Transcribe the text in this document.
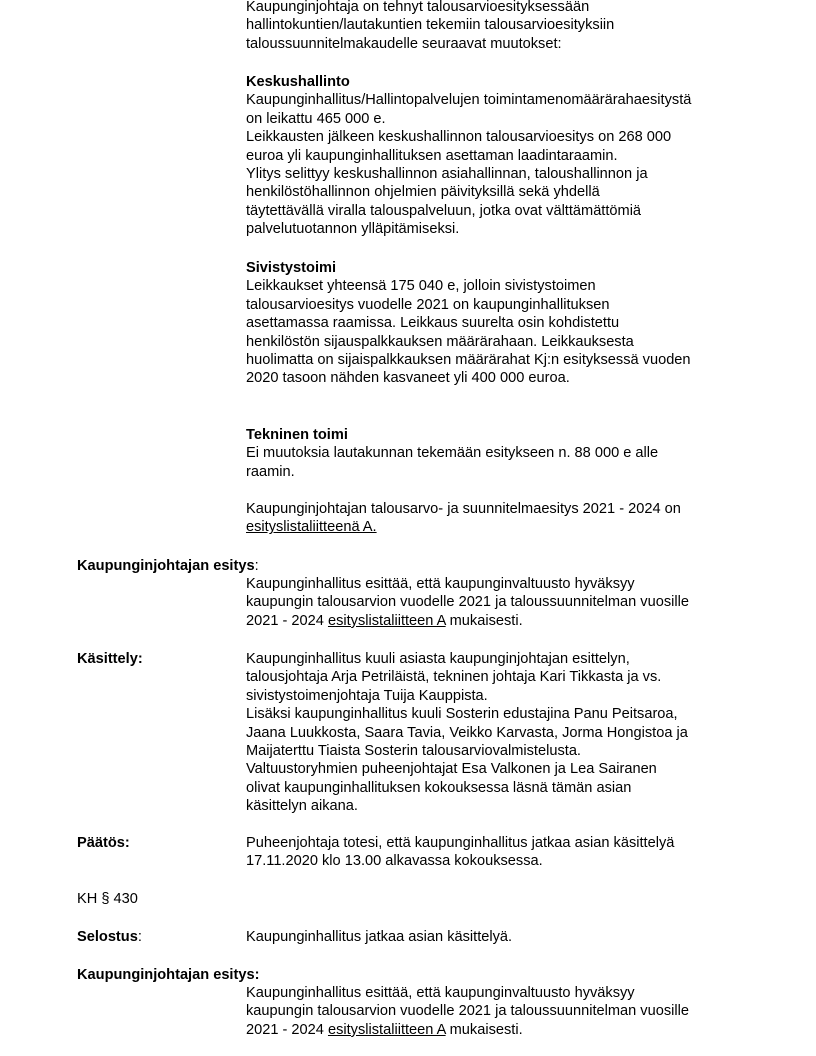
Kaupunginjohtaja on tehnyt talousarvioesityksessään

hallintokuntien/lautakuntien tekemiin talousarvioesityksiin

taloussuunnitelmakaudelle seuraavat muutokset:

Keskushallinto

Kaupunginhallitus/Hallintopalvelujen toimintamenomäärärahaesitystä

on leikattu 465 000 e.

Leikkausten jälkeen keskushallinnon talousarvioesitys on 268 000

euroa yli kaupunginhallituksen asettaman laadintaraamin.

Ylitys selittyy keskushallinnon asiahallinnan, taloushallinnon ja

henkilöstöhallinnon ohjelmien päivityksillä sekä yhdellä

täytettävällä viralla talouspalveluun, jotka ovat välttämättömiä

palvelutuotannon ylläpitämiseksi.

Sivistystoimi

Leikkaukset yhteensä 175 040 e, jolloin sivistystoimen

talousarvioesitys vuodelle 2021 on kaupunginhallituksen

asettamassa raamissa. Leikkaus suurelta osin kohdistettu

henkilöstön sijauspalkkauksen määrärahaan. Leikkauksesta

huolimatta on sijaispalkkauksen määrärahat Kj:n esityksessä vuoden

2020 tasoon nähden kasvaneet yli 400 000 euroa.

Tekninen toimi

Ei muutoksia lautakunnan tekemään esitykseen n. 88 000 e alle

raamin.

Kaupunginjohtajan talousarvo- ja suunnitelmaesitys 2021 - 2024 on

esityslistaliitteenä A.

Kaupunginjohtajan esitys:

Kaupunginhallitus esittää, että kaupunginvaltuusto hyväksyy

kaupungin talousarvion vuodelle 2021 ja taloussuunnitelman vuosille

2021 - 2024 esityslistaliitteen A mukaisesti.

Käsittely:	Kaupunginhallitus kuuli asiasta kaupunginjohtajan esittelyn,

talousjohtaja Arja Petriläistä, tekninen johtaja Kari Tikkasta ja vs.

sivistystoimenjohtaja Tuija Kauppista.

Lisäksi kaupunginhallitus kuuli Sosterin edustajina Panu Peitsaroa,

Jaana Luukkosta, Saara Tavia, Veikko Karvasta, Jorma Hongistoa ja

Maijaterttu Tiaista Sosterin talousarviovalmistelusta.

Valtuustoryhmien puheenjohtajat Esa Valkonen ja Lea Sairanen

olivat kaupunginhallituksen kokouksessa läsnä tämän asian

käsittelyn aikana.

Päätös:	Puheenjohtaja totesi, että kaupunginhallitus jatkaa asian käsittelyä

17.11.2020 klo 13.00 alkavassa kokouksessa.

KH § 430

Selostus:	Kaupunginhallitus jatkaa asian käsittelyä.

Kaupunginjohtajan esitys:

Kaupunginhallitus esittää, että kaupunginvaltuusto hyväksyy

kaupungin talousarvion vuodelle 2021 ja taloussuunnitelman vuosille

2021 - 2024 esityslistaliitteen A mukaisesti.
